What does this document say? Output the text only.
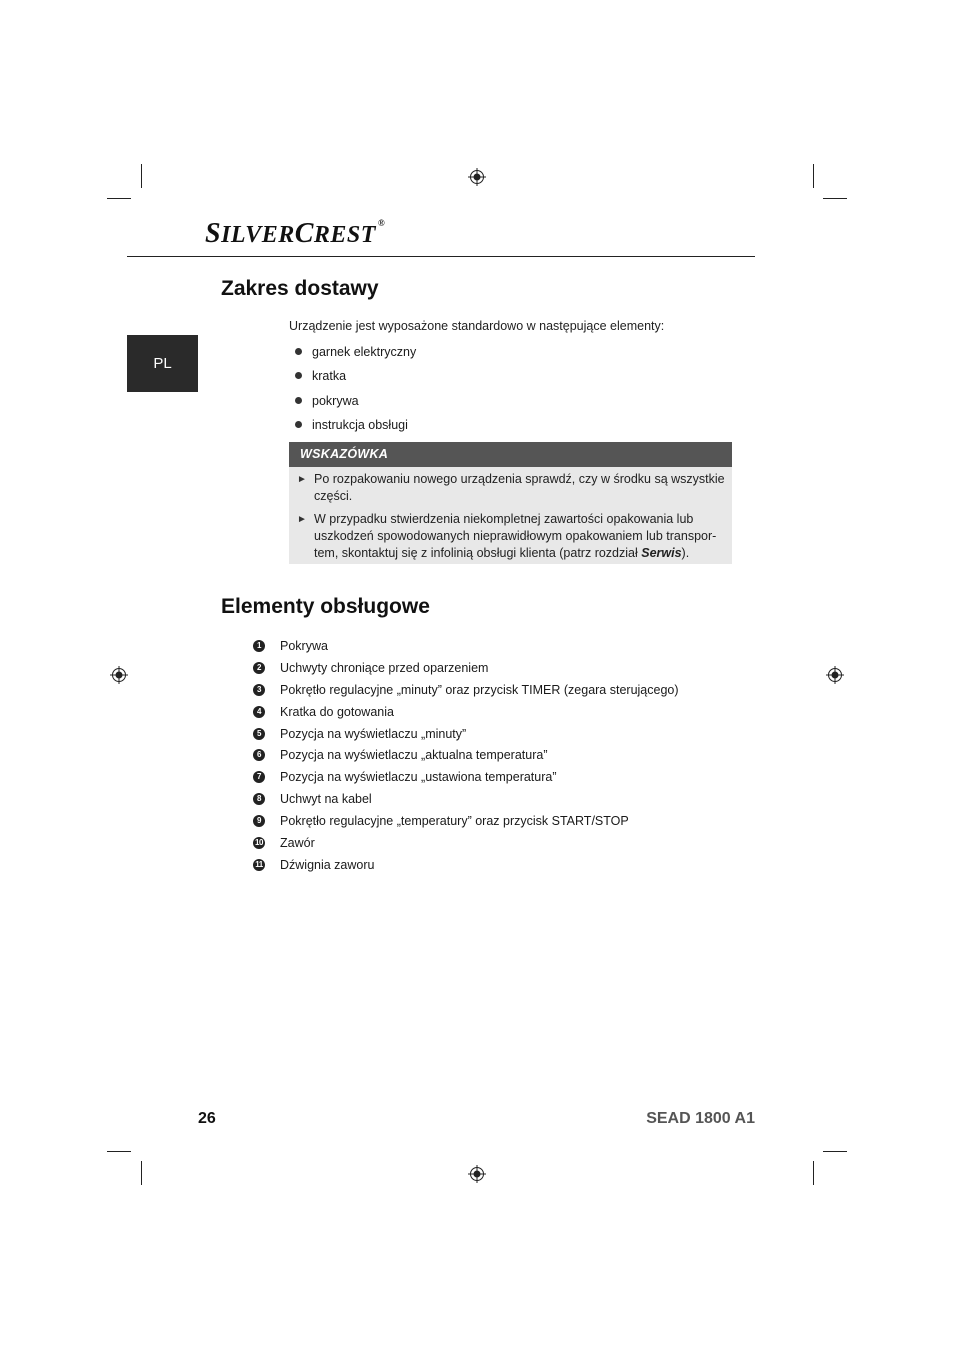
SILVERCREST ®
PL
Zakres dostawy
Urządzenie jest wyposażone standardowo w następujące elementy:
garnek elektryczny
kratka
pokrywa
instrukcja obsługi
WSKAZÓWKA
► Po rozpakowaniu nowego urządzenia sprawdź, czy w środku są wszystkie części.
► W przypadku stwierdzenia niekompletnej zawartości opakowania lub uszkodzeń spowodowanych nieprawidłowym opakowaniem lub transpor-tem, skontaktuj się z infolinią obsługi klienta (patrz rozdział Serwis).
Elementy obsługowe
1	Pokrywa
2	Uchwyty chroniące przed oparzeniem
3	Pokrętło regulacyjne „minuty” oraz przycisk TIMER (zegara sterującego)
4	Kratka do gotowania
5	Pozycja na wyświetlaczu „minuty”
6	Pozycja na wyświetlaczu „aktualna temperatura”
7	Pozycja na wyświetlaczu „ustawiona temperatura”
8	Uchwyt na kabel
9	Pokrętło regulacyjne „temperatury” oraz przycisk START/STOP
10 Zawór
11 Dźwignia zaworu
26	SEAD 1800 A1
